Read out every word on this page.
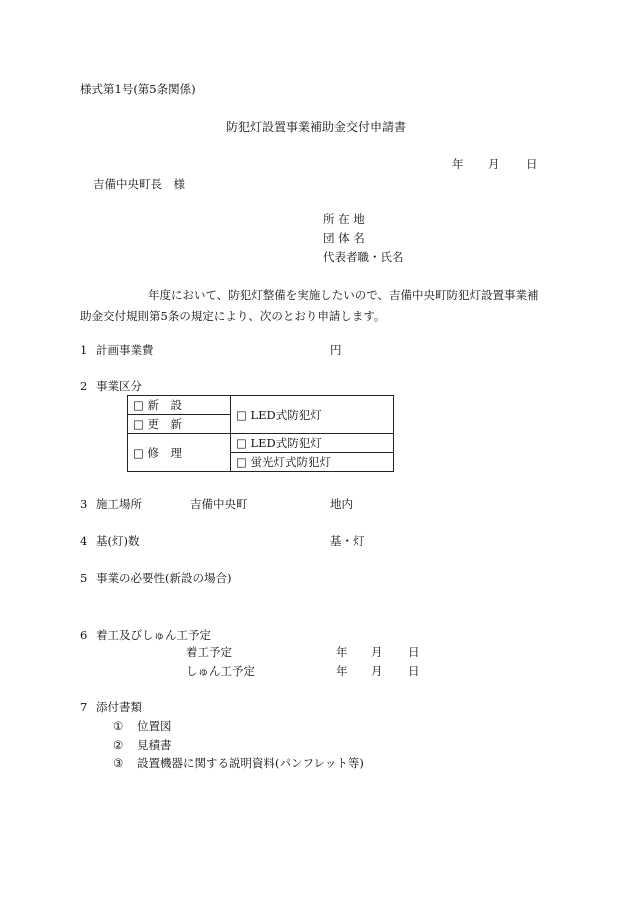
様式第1号(第5条関係)
防犯灯設置事業補助金交付申請書
年 月 日
吉備中央町長　様
所 在 地
団 体 名
代表者職・氏名
年度において、防犯灯整備を実施したいので、吉備中央町防犯灯設置事業補助金交付規則第5条の規定により、次のとおり申請します。
1 計画事業費	円
2 事業区分
□ 新　設	□ LED式防犯灯
□ 更　新	
□ 修　理	□ LED式防犯灯
	□ 蛍光灯式防犯灯
3 施工場所	吉備中央町	地内
4 基(灯)数	基・灯
5 事業の必要性(新設の場合)
6 着工及びしゅん工予定
着工予定	年 月 日
しゅん工予定	年 月 日
7 添付書類
① 位置図
② 見積書
③ 設置機器に関する説明資料(パンフレット等)
